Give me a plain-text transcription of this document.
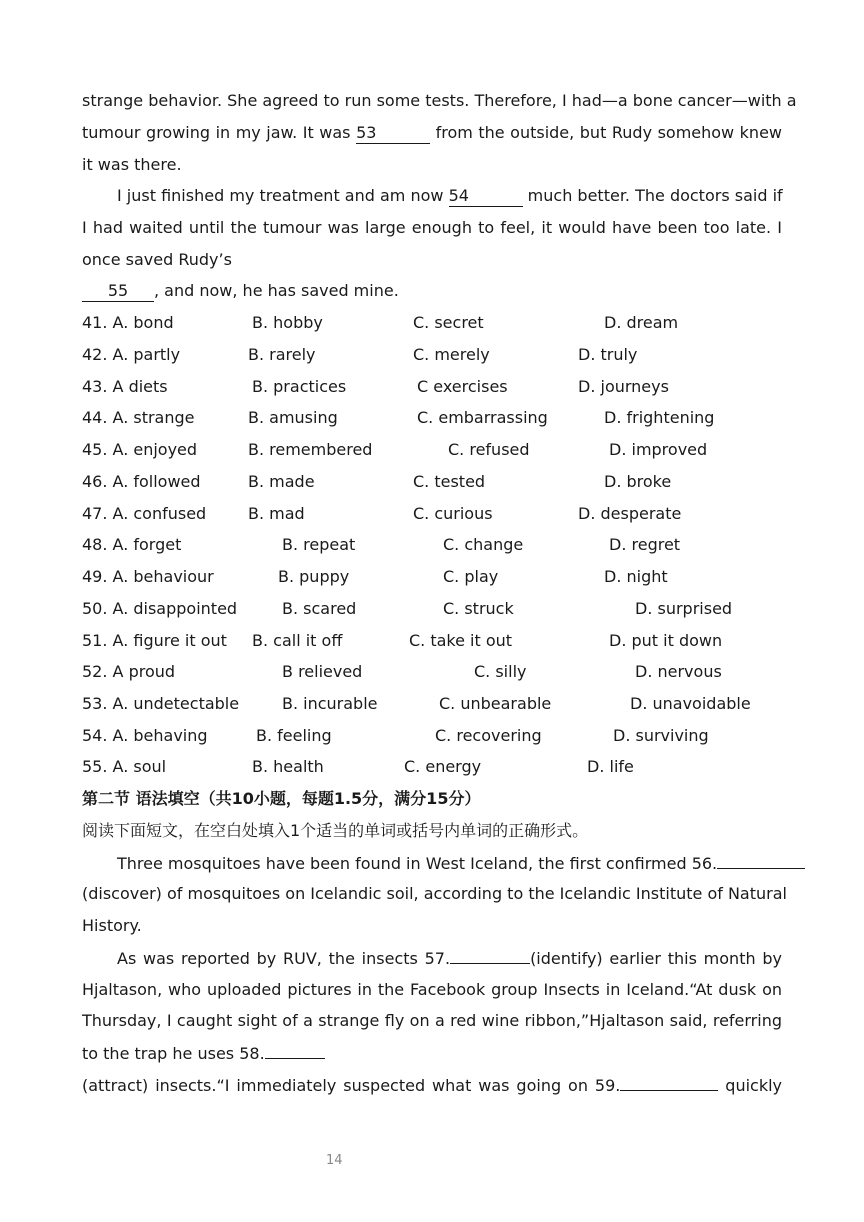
strange behavior. She agreed to run some tests. Therefore, I had—a bone cancer—with a
tumour growing in my jaw. It was 53	from the outside, but Rudy somehow knew
it was there.
I just finished my treatment and am now 54	much better. The doctors said if
I had waited until the tumour was large enough to feel, it would have been too late. I
once saved Rudy’s
55 , and now, he has saved mine.
41. A. bond	B. hobby	C. secret	D. dream
42. A. partly	B. rarely	C. merely	D. truly
43. A diets	B. practices	C exercises	D. journeys
44. A. strange	B. amusing	C. embarrassing	D. frightening
45. A. enjoyed	B. remembered	C. refused	D. improved
46. A. followed	B. made	C. tested	D. broke
47. A. confused	B. mad	C. curious	D. desperate
48. A. forget	B. repeat	C. change	D. regret
49. A. behaviour	B. puppy	C. play	D. night
50. A. disappointed	B. scared	C. struck	D. surprised
51. A. figure it out B. call it off	C. take it out	D. put it down
52. A proud	B relieved	C. silly	D. nervous
53. A. undetectable	B. incurable	C. unbearable	D. unavoidable
54. A. behaving	B. feeling	C. recovering	D. surviving
55. A. soul	B. health	C. energy	D. life
第二节 语法填空（共10小题，每题1.5分，满分15分）
阅读下面短文，在空白处填入1个适当的单词或括号内单词的正确形式。
Three mosquitoes have been found in West Iceland, the first confirmed 56.
(discover) of mosquitoes on Icelandic soil, according to the Icelandic Institute of Natural
History.
As was reported by RUV, the insects 57.	(identify) earlier this month by
Hjaltason, who uploaded pictures in the Facebook group Insects in Iceland.“At dusk on
Thursday, I caught sight of a strange fly on a red wine ribbon,”Hjaltason said, referring
to the trap he uses 58.
(attract) insects.“I immediately suspected what was going on 59.	quickly
14
